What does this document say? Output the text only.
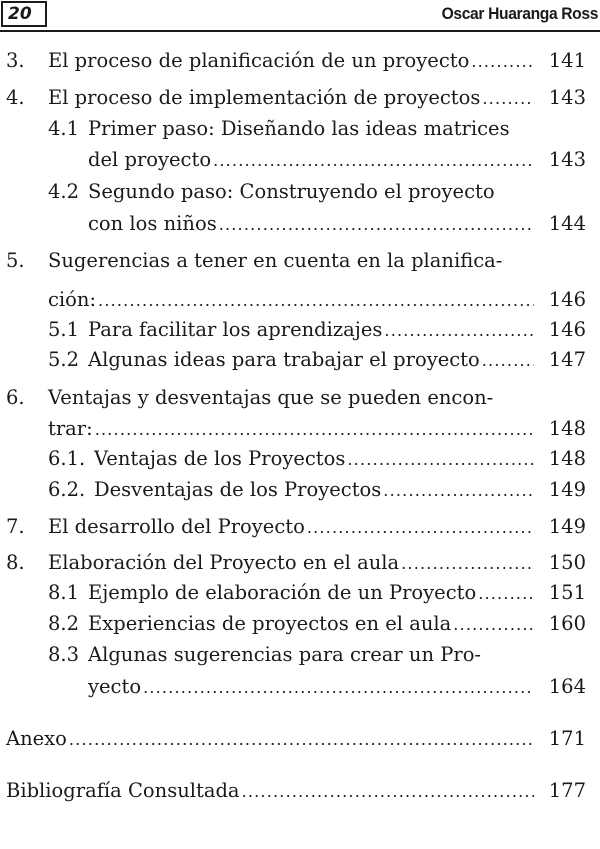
20	Oscar Huaranga Ross
3. El proceso de planificación de un proyecto .....	141
4. El proceso de implementación de proyectos .....	143
4.1 Primer paso: Diseñando las ideas matrices
del proyecto .....	143
4.2 Segundo paso: Construyendo el proyecto
con los niños .....	144
5. Sugerencias a tener en cuenta en la planifica-
ción: .....	146
5.1 Para facilitar los aprendizajes .....	146
5.2 Algunas ideas para trabajar el proyecto .....	147
6. Ventajas y desventajas que se pueden encon-
trar: .....	148
6.1. Ventajas de los Proyectos .....	148
6.2. Desventajas de los Proyectos .....	149
7. El desarrollo del Proyecto .....	149
8. Elaboración del Proyecto en el aula .....	150
8.1 Ejemplo de elaboración de un Proyecto .....	151
8.2 Experiencias de proyectos en el aula .....	160
8.3 Algunas sugerencias para crear un Pro-
yecto .....	164
Anexo .....	171
Bibliografía Consultada .....	177
